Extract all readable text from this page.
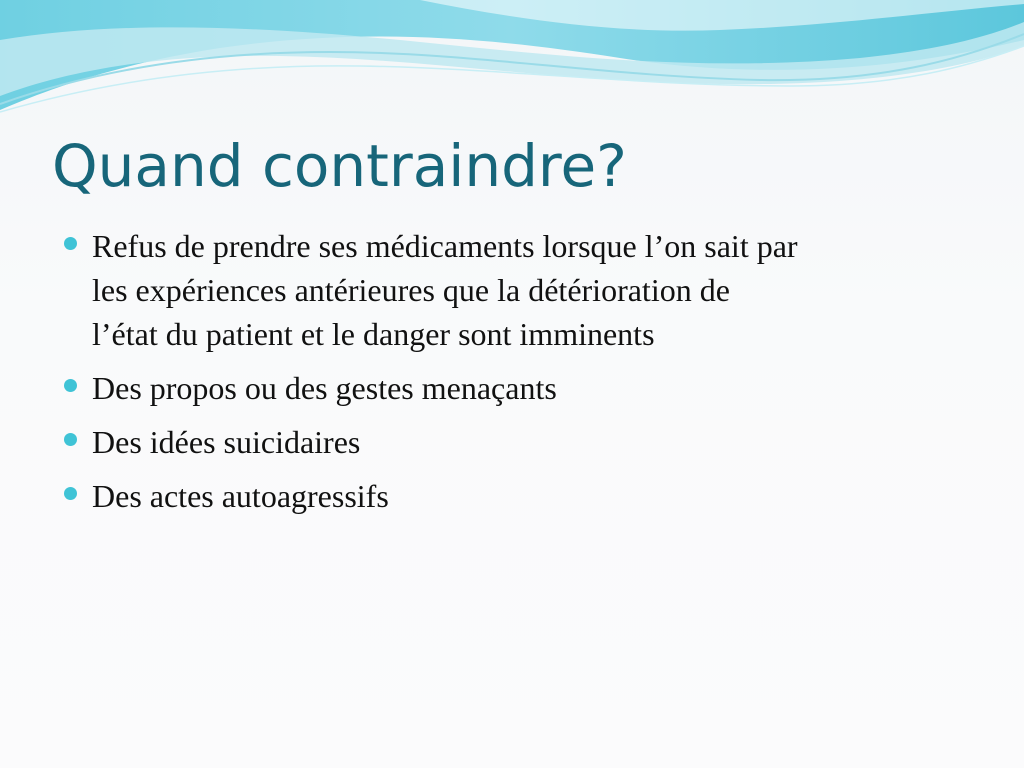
Quand contraindre?
Refus de prendre ses médicaments lorsque l’on sait par
les expériences antérieures que la détérioration de
l’état du patient et le danger sont imminents
Des propos ou des gestes menaçants
Des idées suicidaires
Des actes autoagressifs
